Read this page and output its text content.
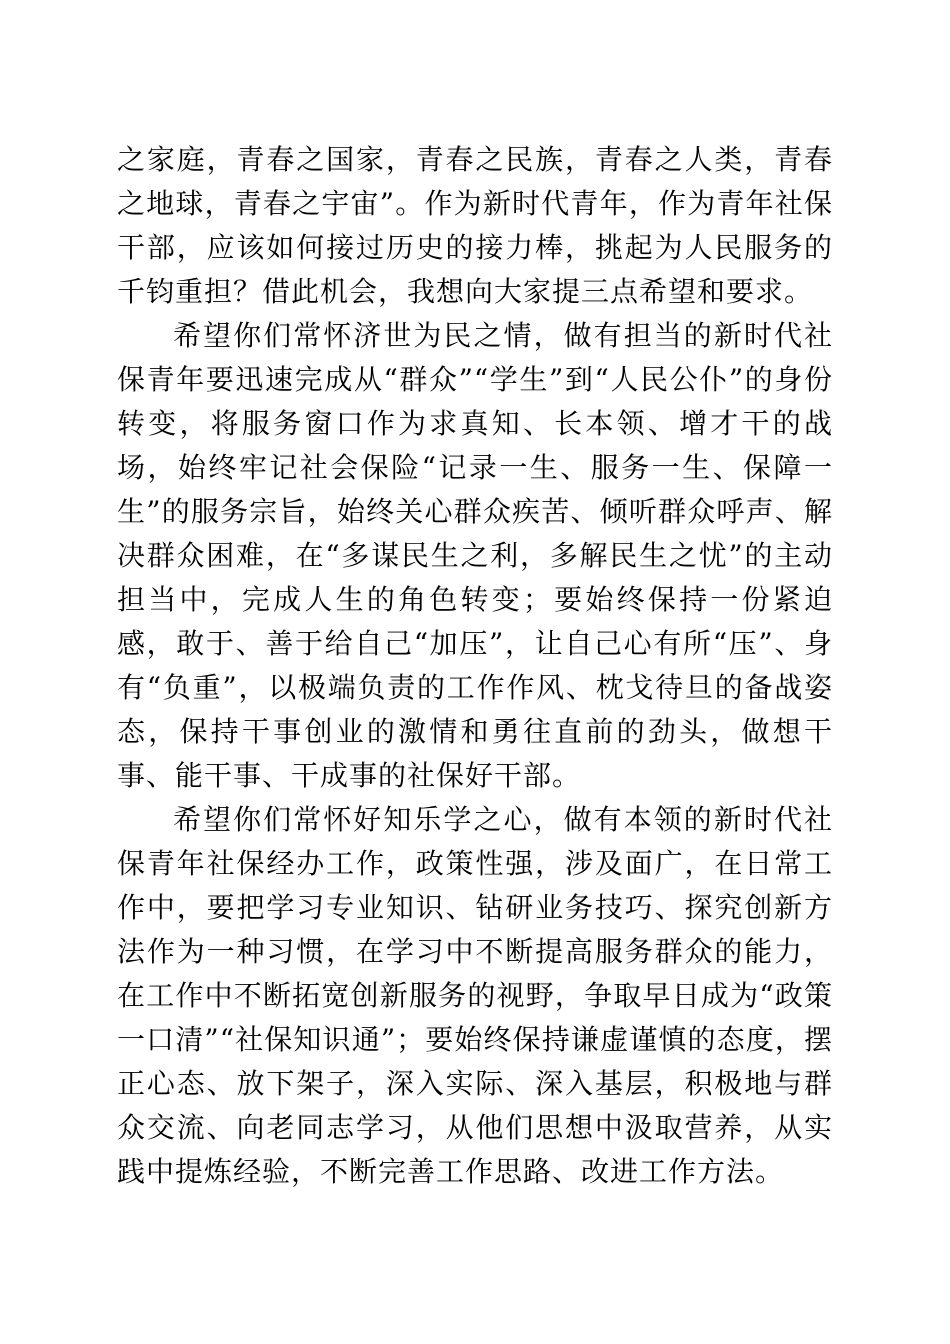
之家庭，青春之国家，青春之民族，青春之人类，青春之地球，青春之宇宙”。作为新时代青年，作为青年社保干部，应该如何接过历史的接力棒，挑起为人民服务的千钧重担？借此机会，我想向大家提三点希望和要求。

希望你们常怀济世为民之情，做有担当的新时代社保青年要迅速完成从“群众”“学生”到“人民公仆”的身份转变，将服务窗口作为求真知、长本领、增才干的战场，始终牢记社会保险“记录一生、服务一生、保障一生”的服务宗旨，始终关心群众疾苦、倾听群众呼声、解决群众困难，在“多谋民生之利，多解民生之忧”的主动担当中，完成人生的角色转变；要始终保持一份紧迫感，敢于、善于给自己“加压”，让自己心有所“压”、身有“负重”，以极端负责的工作作风、枕戈待旦的备战姿态，保持干事创业的激情和勇往直前的劲头，做想干事、能干事、干成事的社保好干部。

希望你们常怀好知乐学之心，做有本领的新时代社保青年社保经办工作，政策性强，涉及面广，在日常工作中，要把学习专业知识、钻研业务技巧、探究创新方法作为一种习惯，在学习中不断提高服务群众的能力，在工作中不断拓宽创新服务的视野，争取早日成为“政策一口清”“社保知识通”；要始终保持谦虚谨慎的态度，摆正心态、放下架子，深入实际、深入基层，积极地与群众交流、向老同志学习，从他们思想中汲取营养，从实践中提炼经验，不断完善工作思路、改进工作方法。
